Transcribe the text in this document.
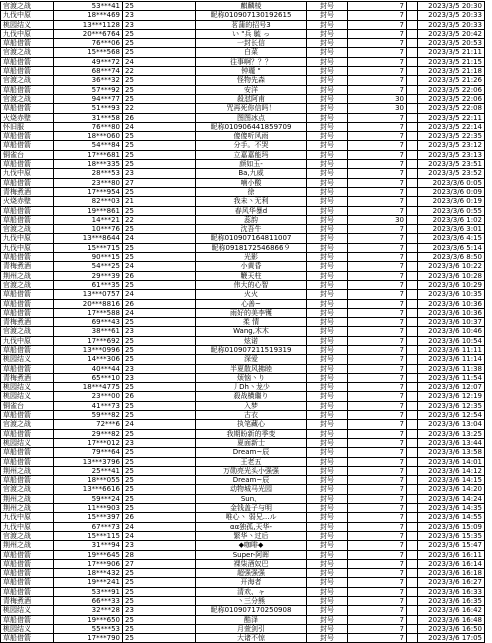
官渡之战	53***41	25	麒麟棱	封号	7		2023/3/5 20:30
九伐中原	18***469	23	昵称010907130192615	封号	7		2023/3/5 20:33
桃园结义	13***1128	23	茗蒲的招号3	封号	7		2023/3/5 20:33
九伐中原	20***6764	25	い "兵 毓 っ	封号	7		2023/3/5 20:42
草船借箭	76***06	25	一封长信	封号	7		2023/3/5 20:53
官渡之战	15***568	25	白菜	封号	7		2023/3/5 21:11
草船借箭	49***72	24	往事啊？？？	封号	7		2023/3/5 21:15
草船借箭	68***74	22	钟瓏 "	封号	7		2023/3/5 21:18
官渡之战	36***32	25	怪物先森	封号	7		2023/3/5 21:26
草船借箭	57***92	25	安洋	封号	7		2023/3/5 22:06
官渡之战	94***77	25	殺怼阿甫	封号	30		2023/3/5 22:06
草船借箭	51***93	22	咒再死你信吗！	封号	30		2023/3/5 22:08
火烧赤壁	31***58	26	图图冰点	封号	7		2023/3/5 22:11
怀旧服	76***80	24	昵称010906441859709	封号	7		2023/3/5 22:14
草船借箭	18***060	25	傻傻听风雨	封号	7		2023/3/5 22:35
草船借箭	54***84	25	分手。不哭	封号	7		2023/3/5 23:12
铜雀台	17***681	25	立嘉嘉能玛	封号	7		2023/3/5 23:13
草船借箭	18***335	25	颜如玉-	封号	7		2023/3/5 23:51
九伐中原	28***53	23	Ba,九威	封号	7		2023/3/5 23:52
草船借箭	23***80	27	喃小酸	封号	7		2023/3/6 0:05
青梅煮酒	17***954	25	徐	封号	7		2023/3/6 0:09
火烧赤壁	82***03	21	我未丶无利	封号	7		2023/3/6 0:19
草船借箭	19***861	25	春风华暴d	封号	7		2023/3/6 0:55
草船借箭	14***21	22	蕊韵	封号	30		2023/3/6 1:02
官渡之战	10***76	25	沈吾牛	封号	7		2023/3/6 3:01
九伐中原	13***8644	24	昵称010907164811007	封号	7		2023/3/6 4:15
九伐中原	15***715	25	昵称0918172546866９	封号	7		2023/3/6 5:14
草船借箭	90***15	25	光影	封号	7		2023/3/6 8:50
青梅煮酒	54***25	24	小黄昏	封号	7		2023/3/6 10:22
荆州之战	29***39	26	鞭天柱	封号	7		2023/3/6 10:28
官渡之战	61***35	25	伟大的心智	封号	7		2023/3/6 10:29
草船借箭	13***0757	24	火火	封号	7		2023/3/6 10:35
草船借箭	20***8816	26	心善~	封号	7		2023/3/6 10:36
草船借箭	17***588	24	雨好的美李镬	封号	7		2023/3/6 10:36
青梅煮酒	69***43	25	柔 情	封号	7		2023/3/6 10:37
官渡之战	38***61	23	Wang,木木	封号	7		2023/3/6 10:46
九伐中原	17***692	25	炫诺	封号	7		2023/3/6 10:54
草船借箭	13***0996	25	昵称010907211519319	封号	7		2023/3/6 11:11
桃园结义	14***306	25	深爱	封号	7		2023/3/6 11:14
草船借箭	40***44	23	半夏散风拂睦	封号	7		2023/3/6 11:38
青梅煮酒	65***10	23	烦恼丶り	封号	7		2023/3/6 11:54
桃园结义	18***4775	25	丿Dh丶龙少	封号	7		2023/3/6 12:07
桃园结义	23***00	26	殺战横繼り	封号	7		2023/3/6 12:19
铜雀台	41***73	25	入梦	封号	7		2023/3/6 12:35
草船借箭	59***82	25	古衣	封号	7		2023/3/6 12:54
官渡之战	72***6	24	执笔藏心	封号	7		2023/3/6 13:04
草船借箭	29***82	25	我期盼新的季变	封号	7		2023/3/6 13:25
桃园结义	17***012	23	夏面新士	封号	7		2023/3/6 13:44
草船借箭	79***64	25	Dream~辰	封号	7		2023/3/6 13:58
草船借箭	13***3796	25	王老五	封号	7		2023/3/6 14:01
荆州之战	25***41	25	万勋亮光头小强强	封号	7		2023/3/6 14:12
草船借箭	18***055	25	Dream~辰	封号	7		2023/3/6 14:15
官渡之战	13***6616	25	动物城马光园	封号	7		2023/3/6 14:20
荆州之战	59***24	25	Sun、	封号	7		2023/3/6 14:24
荆州之战	11***903	25	金钱盖子与明	封号	7		2023/3/6 14:35
九伐中原	15***397	26	唯心丶 弱兄...ル	封号	7		2023/3/6 14:55
九伐中原	67***73	24	αα独孤,天华-	封号	7		2023/3/6 15:09
官渡之战	15***115	24	繁华丶过后	封号	7		2023/3/6 15:35
荆州之战	31***94	23	◆咖啡◆	封号	7		2023/3/6 15:47
草船借箭	19***645	28	Super-阿晖	封号	7		2023/3/6 16:11
草船借箭	17***906	27	裸柒酒奴巴	封号	7		2023/3/6 16:14
草船借箭	18***432	25	超强强强	封号	7		2023/3/6 16:18
草船借箭	19***241	25	开海者	封号	7		2023/3/6 16:27
草船借箭	53***91	25	清欢、ャ	封号	7		2023/3/6 16:33
青梅煮酒	66***33	25	丶三分熊	封号	7		2023/3/6 16:35
桃园结义	32***28	23	昵称010907170250908	封号	7		2023/3/6 16:42
草船借箭	19***650	25	酷泽	封号	7		2023/3/6 16:48
桃园结义	55***53	25	月萱剑引	封号	7		2023/3/6 16:50
草船借箭	17***790	25	大诸不惊	封号	7		2023/3/6 17:05
